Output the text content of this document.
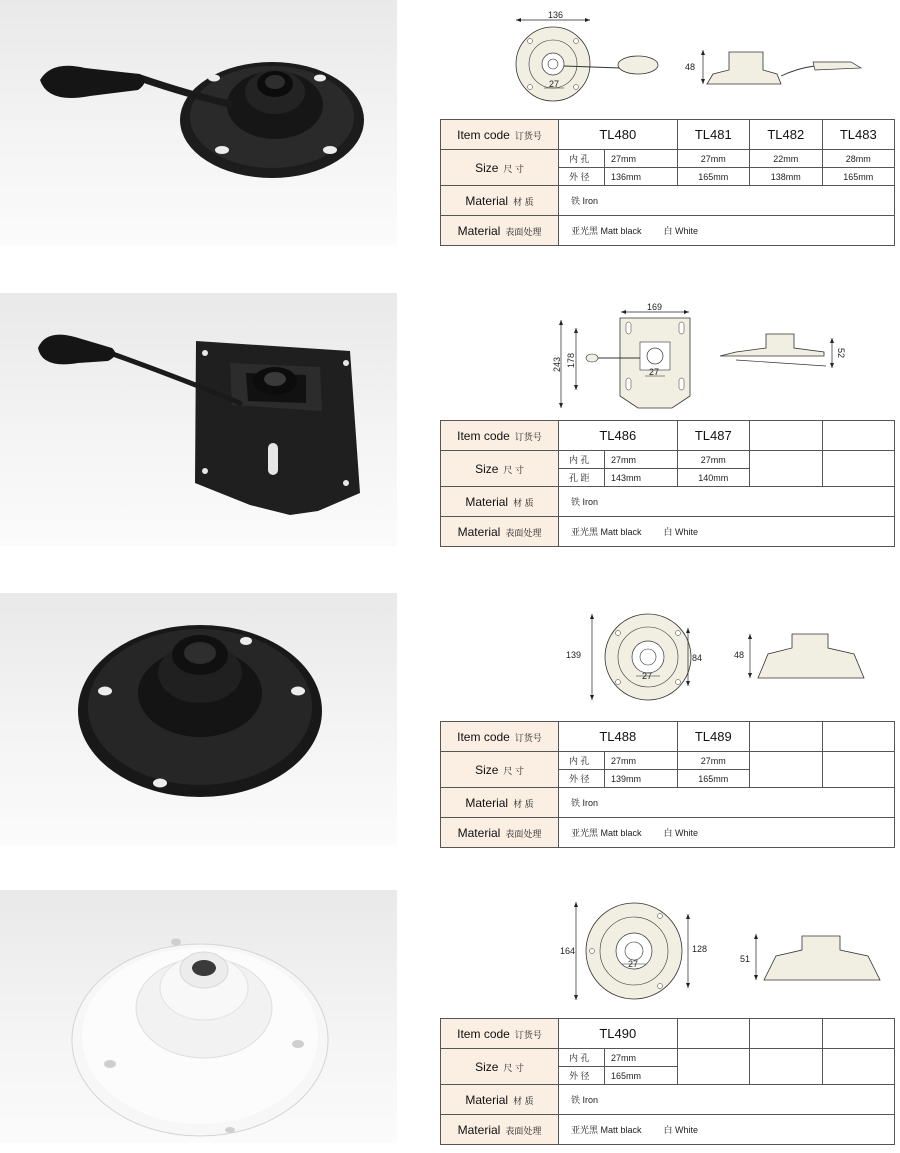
136
27
48
Item code 订货号	TL480		TL481	TL482	TL483
Size 尺 寸	内 孔	27mm	27mm	22mm	28mm
	外 径	136mm	165mm	138mm	165mm
Material 材 质	铁 Iron				
Material 表面处理	亚光黑 Matt black 白 White				
169
243 178
27
52
Item code 订货号	TL486		TL487		
Size 尺 寸	内 孔	27mm	27mm		
	孔 距	143mm	140mm		
Material 材 质	铁 Iron				
Material 表面处理	亚光黑 Matt black 白 White				
139	84
27
48
Item code 订货号	TL488		TL489		
Size 尺 寸	内 孔	27mm	27mm		
	外 径	139mm	165mm		
Material 材 质	铁 Iron				
Material 表面处理	亚光黑 Matt black 白 White				
164	128
27	51
Item code 订货号	TL490				
Size 尺 寸	内 孔	27mm			
	外 径	165mm			
Material 材 质	铁 Iron				
Material 表面处理	亚光黑 Matt black 白 White				
